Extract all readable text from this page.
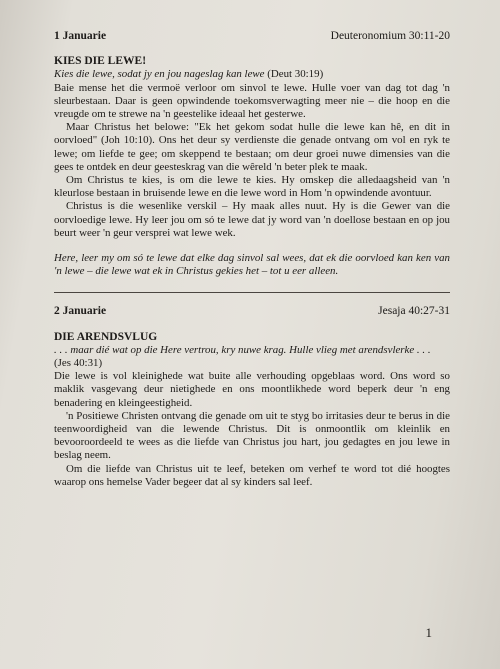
1 Januarie	Deuteronomium 30:11-20
KIES DIE LEWE!
Kies die lewe, sodat jy en jou nageslag kan lewe (Deut 30:19)

Baie mense het die vermoë verloor om sinvol te lewe. Hulle voer van dag tot dag 'n sleurbestaan. Daar is geen opwindende toekomsverwagting meer nie – die hoop en die vreugde om te strewe na 'n geestelike ideaal het gesterwe.

Maar Christus het belowe: "Ek het gekom sodat hulle die lewe kan hê, en dit in oorvloed" (Joh 10:10). Ons het deur sy verdienste die genade ontvang om vol en ryk te lewe; om liefde te gee; om skeppend te bestaan; om deur groei nuwe dimensies van die gees te ontdek en deur geesteskrag van die wêreld 'n beter plek te maak.

Om Christus te kies, is om die lewe te kies. Hy omskep die alledaagsheid van 'n kleurlose bestaan in bruisende lewe en die lewe word in Hom 'n opwindende avontuur.

Christus is die wesenlike verskil – Hy maak alles nuut. Hy is die Gewer van die oorvloedige lewe. Hy leer jou om só te lewe dat jy word van 'n doellose bestaan en op jou beurt weer 'n geur versprei wat lewe wek.

Here, leer my om só te lewe dat elke dag sinvol sal wees, dat ek die oorvloed kan ken van 'n lewe – die lewe wat ek in Christus gekies het – tot u eer alleen.

2 Januarie	Jesaja 40:27-31
DIE ARENDSVLUG
. . . maar dié wat op die Here vertrou, kry nuwe krag. Hulle vlieg met arendsvlerke . . . (Jes 40:31)

Die lewe is vol kleinighede wat buite alle verhouding opgeblaas word. Ons word so maklik vasgevang deur nietighede en ons moontlikhede word beperk deur 'n eng benadering en kleingeestigheid.

'n Positiewe Christen ontvang die genade om uit te styg bo irritasies deur te berus in die teenwoordigheid van die lewende Christus. Dit is onmoontlik om kleinlik en bevooroordeeld te wees as die liefde van Christus jou hart, jou gedagtes en jou lewe in beslag neem.

Om die liefde van Christus uit te leef, beteken om verhef te word tot dié hoogtes waarop ons hemelse Vader begeer dat al sy kinders sal leef.

1
